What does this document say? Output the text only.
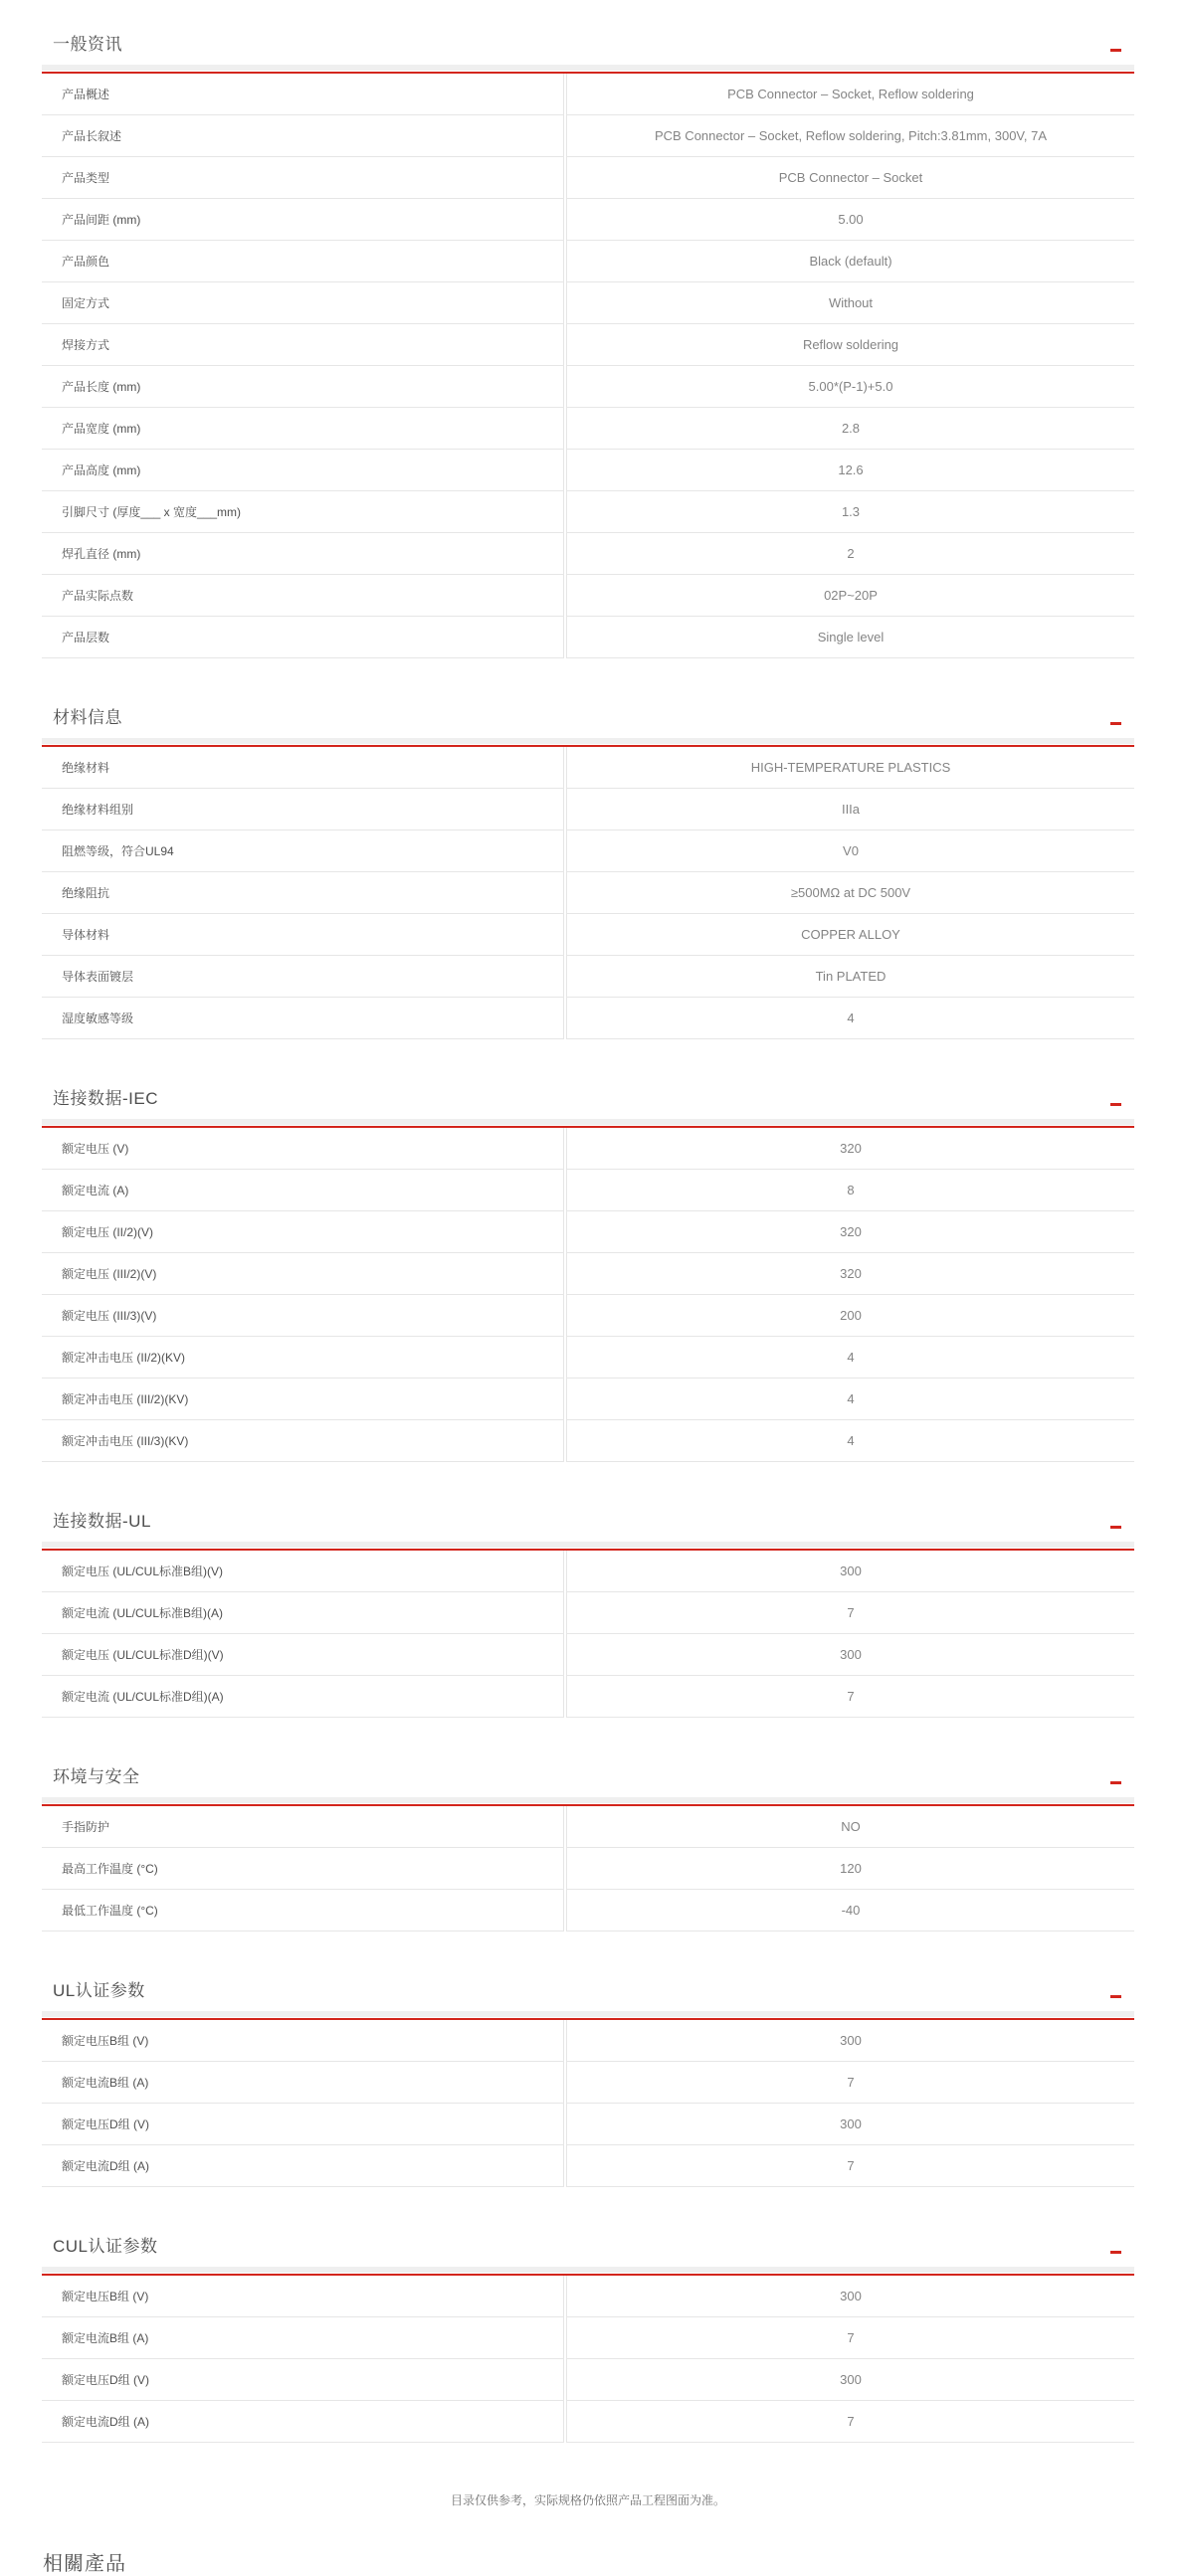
一般资讯
产品概述	PCB Connector – Socket, Reflow soldering
产品长叙述	PCB Connector – Socket, Reflow soldering, Pitch:3.81mm, 300V, 7A
产品类型	PCB Connector – Socket
产品间距 (mm)	5.00
产品颜色	Black (default)
固定方式	Without
焊接方式	Reflow soldering
产品长度 (mm)	5.00*(P-1)+5.0
产品宽度 (mm)	2.8
产品高度 (mm)	12.6
引脚尺寸 (厚度___ x 宽度___mm)	1.3
焊孔直径 (mm)	2
产品实际点数	02P~20P
产品层数	Single level
材料信息
绝缘材料	HIGH-TEMPERATURE PLASTICS
绝缘材料组别	IIIa
阻燃等级，符合UL94	V0
绝缘阻抗	≥500MΩ at DC 500V
导体材料	COPPER ALLOY
导体表面镀层	Tin PLATED
湿度敏感等级	4
连接数据-IEC
额定电压 (V)	320
额定电流 (A)	8
额定电压 (II/2)(V)	320
额定电压 (III/2)(V)	320
额定电压 (III/3)(V)	200
额定冲击电压 (II/2)(KV)	4
额定冲击电压 (III/2)(KV)	4
额定冲击电压 (III/3)(KV)	4
连接数据-UL
额定电压 (UL/CUL标准B组)(V)	300
额定电流 (UL/CUL标准B组)(A)	7
额定电压 (UL/CUL标准D组)(V)	300
额定电流 (UL/CUL标准D组)(A)	7
环境与安全
手指防护	NO
最高工作温度 (°C)	120
最低工作温度 (°C)	-40
UL认证参数
额定电压B组 (V)	300
额定电流B组 (A)	7
额定电压D组 (V)	300
额定电流D组 (A)	7
CUL认证参数
额定电压B组 (V)	300
额定电流B组 (A)	7
额定电压D组 (V)	300
额定电流D组 (A)	7
目录仅供参考，实际规格仍依照产品工程图面为准。
相關產品
